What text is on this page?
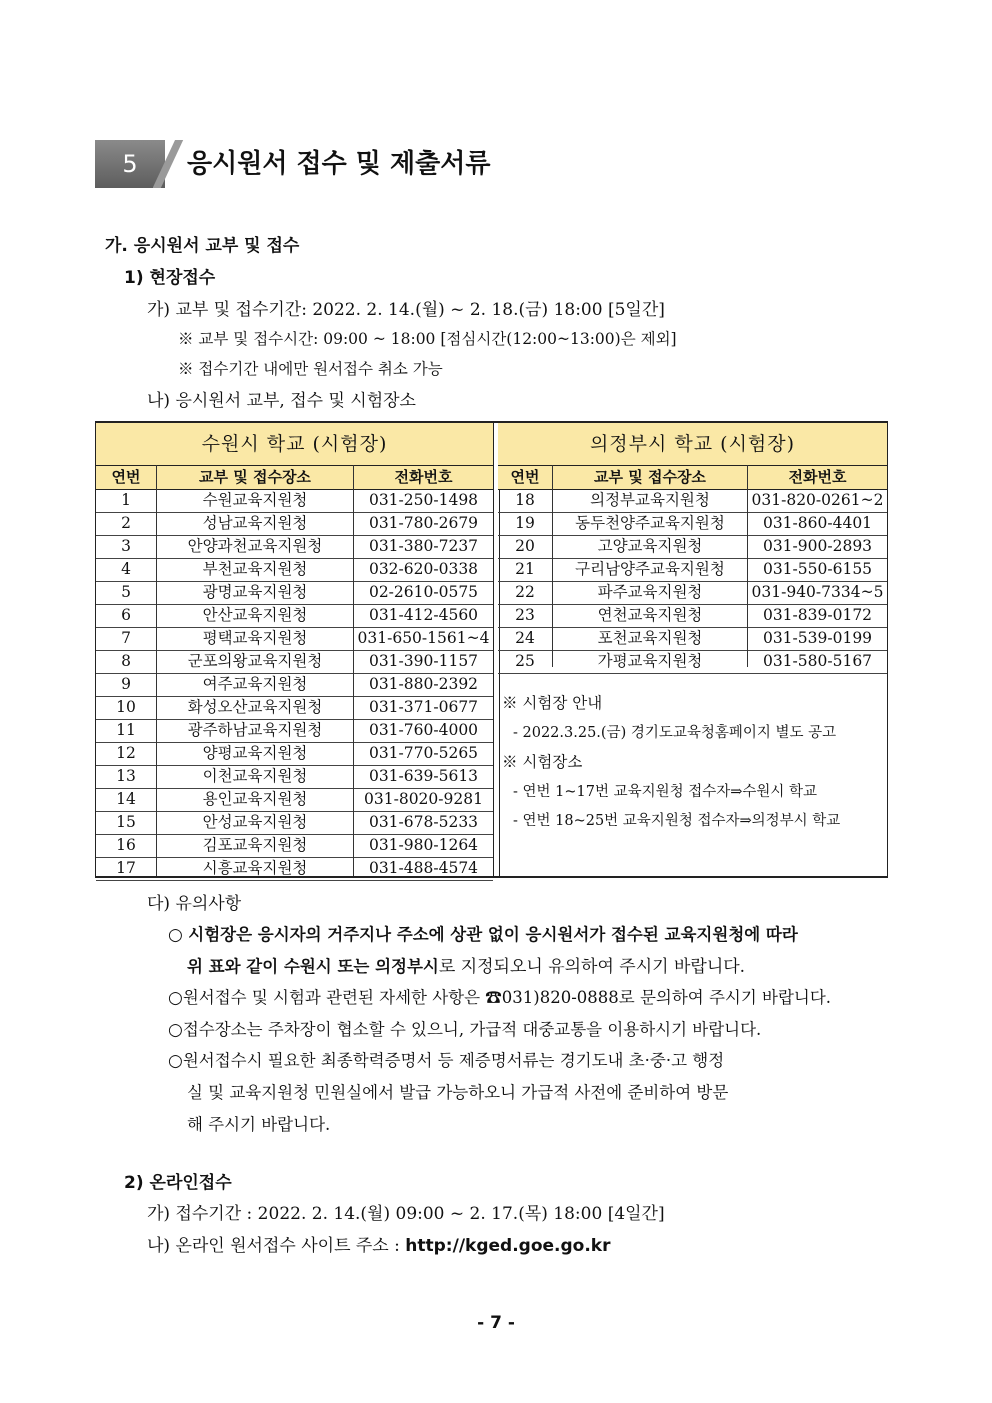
5	응시원서 접수 및 제출서류
가. 응시원서 교부 및 접수
1) 현장접수
가) 교부 및 접수기간: 2022. 2. 14.(월) ~ 2. 18.(금) 18:00 [5일간]
※ 교부 및 접수시간: 09:00 ~ 18:00 [점심시간(12:00~13:00)은 제외]
※ 접수기간 내에만 원서접수 취소 가능
나) 응시원서 교부, 접수 및 시험장소
수원시 학교 (시험장)
연번	교부 및 접수장소	전화번호
1	수원교육지원청	031-250-1498
2	성남교육지원청	031-780-2679
3	안양과천교육지원청	031-380-7237
4	부천교육지원청	032-620-0338
5	광명교육지원청	02-2610-0575
6	안산교육지원청	031-412-4560
7	평택교육지원청	031-650-1561~4
8	군포의왕교육지원청	031-390-1157
9	여주교육지원청	031-880-2392
10	화성오산교육지원청	031-371-0677
11	광주하남교육지원청	031-760-4000
12	양평교육지원청	031-770-5265
13	이천교육지원청	031-639-5613
14	용인교육지원청	031-8020-9281
15	안성교육지원청	031-678-5233
16	김포교육지원청	031-980-1264
17	시흥교육지원청	031-488-4574
의정부시 학교 (시험장)
연번	교부 및 접수장소	전화번호
18	의정부교육지원청	031-820-0261~2
19	동두천양주교육지원청	031-860-4401
20	고양교육지원청	031-900-2893
21	구리남양주교육지원청	031-550-6155
22	파주교육지원청	031-940-7334~5
23	연천교육지원청	031-839-0172
24	포천교육지원청	031-539-0199
25	가평교육지원청	031-580-5167
※ 시험장 안내
- 2022.3.25.(금) 경기도교육청홈페이지 별도 공고
※ 시험장소
- 연번 1~17번 교육지원청 접수자⇒수원시 학교
- 연번 18~25번 교육지원청 접수자⇒의정부시 학교
다) 유의사항
○ 시험장은 응시자의 거주지나 주소에 상관 없이 응시원서가 접수된 교육지원청에 따라
위 표와 같이 수원시 또는 의정부시로 지정되오니 유의하여 주시기 바랍니다.
○원서접수 및 시험과 관련된 자세한 사항은 ☎031)820-0888로 문의하여 주시기 바랍니다.
○접수장소는 주차장이 협소할 수 있으니, 가급적 대중교통을 이용하시기 바랍니다.
○원서접수시 필요한 최종학력증명서 등 제증명서류는 경기도내 초·중·고 행정
실 및 교육지원청 민원실에서 발급 가능하오니 가급적 사전에 준비하여 방문
해 주시기 바랍니다.
2) 온라인접수
가) 접수기간 : 2022. 2. 14.(월) 09:00 ~ 2. 17.(목) 18:00 [4일간]
나) 온라인 원서접수 사이트 주소 : http://kged.goe.go.kr
- 7 -
